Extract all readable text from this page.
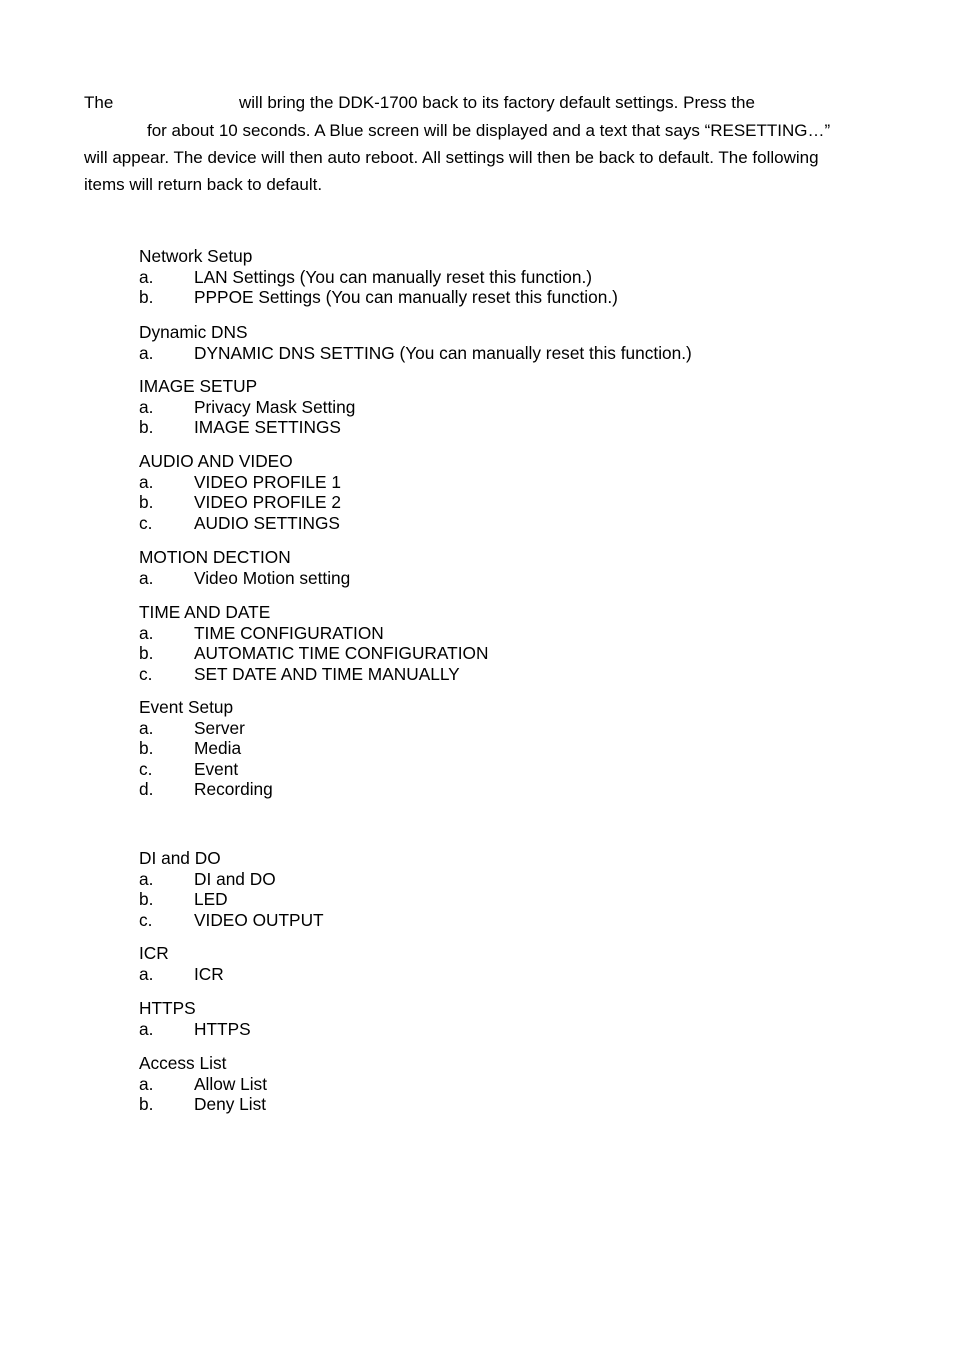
The	will bring the DDK-1700 back to its factory default settings. Press the
for about 10 seconds. A Blue screen will be displayed and a text that says “RESETTING…”
will appear. The device will then auto reboot. All settings will then be back to default. The following
items will return back to default.
Network Setup
a. LAN Settings (You can manually reset this function.)
b. PPPOE Settings (You can manually reset this function.)
Dynamic DNS
a. DYNAMIC DNS SETTING (You can manually reset this function.)
IMAGE SETUP
a. Privacy Mask Setting
b. IMAGE SETTINGS
AUDIO AND VIDEO
a. VIDEO PROFILE 1
b. VIDEO PROFILE 2
c. AUDIO SETTINGS
MOTION DECTION
a. Video Motion setting
TIME AND DATE
a. TIME CONFIGURATION
b. AUTOMATIC TIME CONFIGURATION
c. SET DATE AND TIME MANUALLY
Event Setup
a. Server
b. Media
c. Event
d. Recording
DI and DO
a. DI and DO
b. LED
c. VIDEO OUTPUT
ICR
a. ICR
HTTPS
a. HTTPS
Access List
a. Allow List
b. Deny List
